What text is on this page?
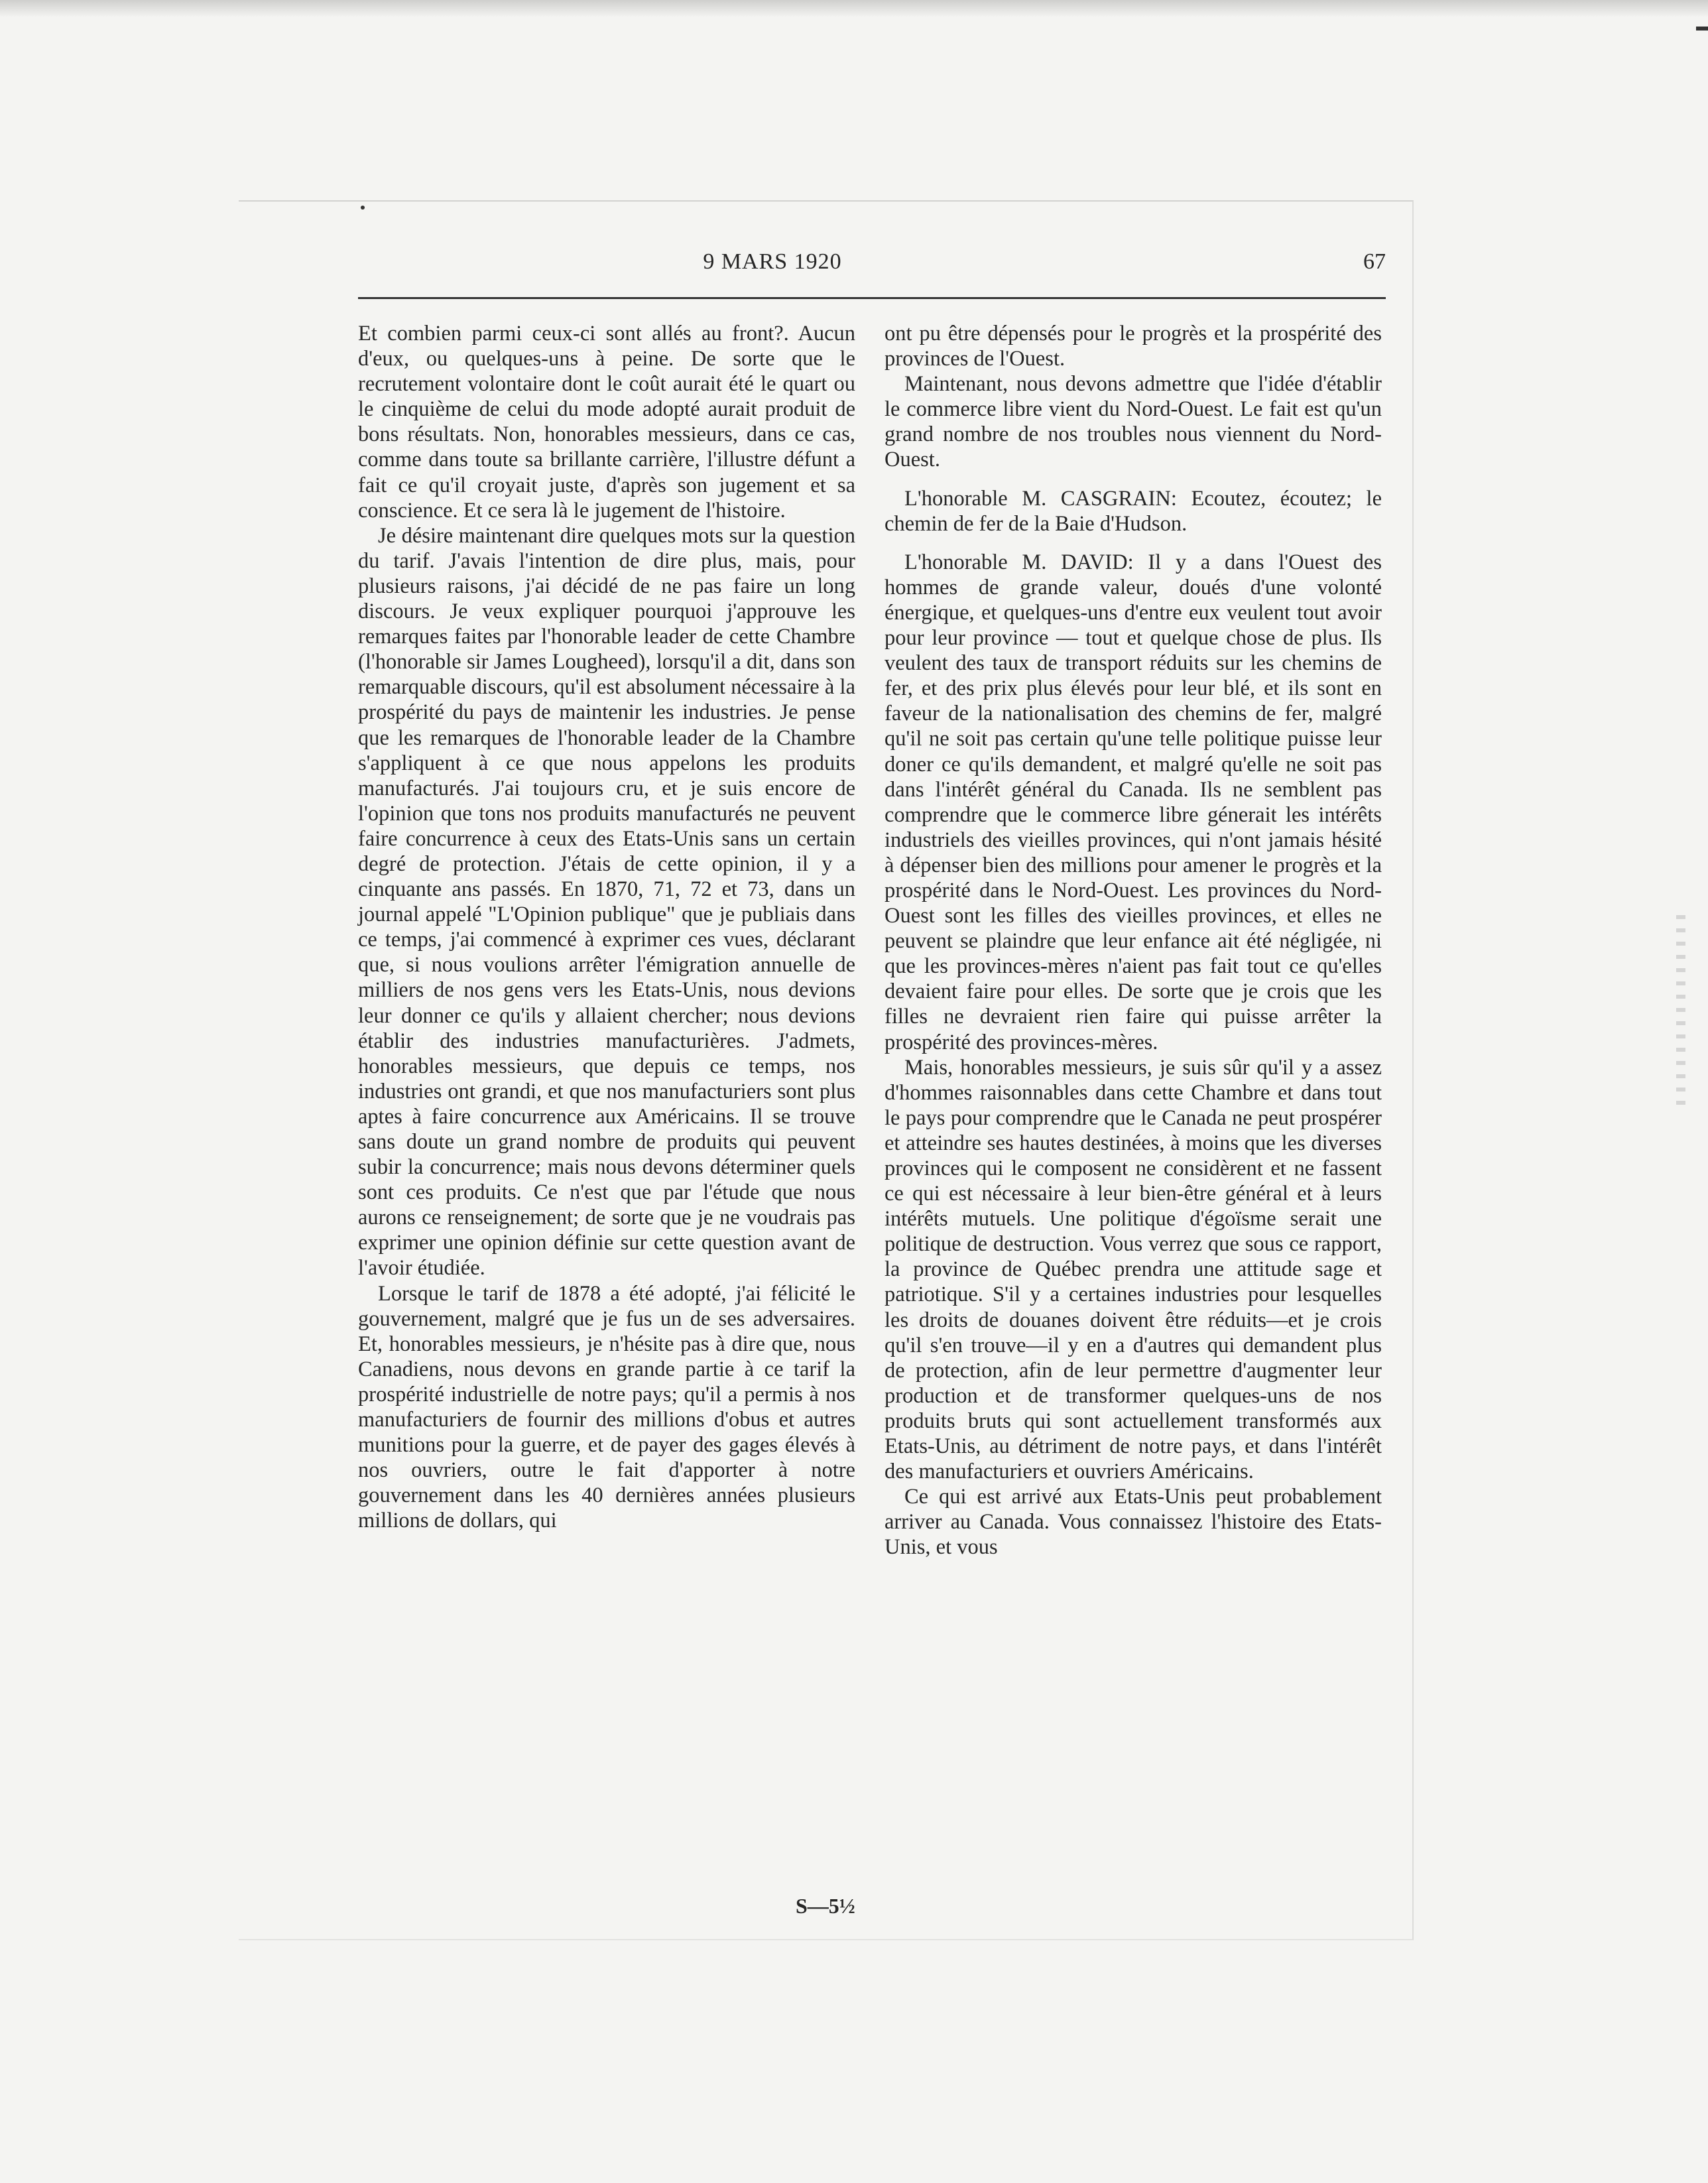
9 MARS 1920	67

Et combien parmi ceux-ci sont allés au front?. Aucun d'eux, ou quelques-uns à peine. De sorte que le recrutement volontaire dont le coût aurait été le quart ou le cinquième de celui du mode adopté aurait produit de bons résultats. Non, honorables messieurs, dans ce cas, comme dans toute sa brillante carrière, l'illustre défunt a fait ce qu'il croyait juste, d'après son jugement et sa conscience. Et ce sera là le jugement de l'histoire.

Je désire maintenant dire quelques mots sur la question du tarif. J'avais l'intention de dire plus, mais, pour plusieurs raisons, j'ai décidé de ne pas faire un long discours. Je veux expliquer pourquoi j'approuve les remarques faites par l'honorable leader de cette Chambre (l'honorable sir James Lougheed), lorsqu'il a dit, dans son remarquable discours, qu'il est absolument nécessaire à la prospérité du pays de maintenir les industries. Je pense que les remarques de l'honorable leader de la Chambre s'appliquent à ce que nous appelons les produits manufacturés. J'ai toujours cru, et je suis encore de l'opinion que tons nos produits manufacturés ne peuvent faire concurrence à ceux des Etats-Unis sans un certain degré de protection. J'étais de cette opinion, il y a cinquante ans passés. En 1870, 71, 72 et 73, dans un journal appelé "L'Opinion publique" que je publiais dans ce temps, j'ai commencé à exprimer ces vues, déclarant que, si nous voulions arrêter l'émigration annuelle de milliers de nos gens vers les Etats-Unis, nous devions leur donner ce qu'ils y allaient chercher; nous devions établir des industries manufacturières. J'admets, honorables messieurs, que depuis ce temps, nos industries ont grandi, et que nos manufacturiers sont plus aptes à faire concurrence aux Américains. Il se trouve sans doute un grand nombre de produits qui peuvent subir la concurrence; mais nous devons déterminer quels sont ces produits. Ce n'est que par l'étude que nous aurons ce renseignement; de sorte que je ne voudrais pas exprimer une opinion définie sur cette question avant de l'avoir étudiée.

Lorsque le tarif de 1878 a été adopté, j'ai félicité le gouvernement, malgré que je fus un de ses adversaires. Et, honorables messieurs, je n'hésite pas à dire que, nous Canadiens, nous devons en grande partie à ce tarif la prospérité industrielle de notre pays; qu'il a permis à nos manufacturiers de fournir des millions d'obus et autres munitions pour la guerre, et de payer des gages élevés à nos ouvriers, outre le fait d'apporter à notre gouvernement dans les 40 dernières années plusieurs millions de dollars, qui

ont pu être dépensés pour le progrès et la prospérité des provinces de l'Ouest.

Maintenant, nous devons admettre que l'idée d'établir le commerce libre vient du Nord-Ouest. Le fait est qu'un grand nombre de nos troubles nous viennent du Nord-Ouest.

L'honorable M. CASGRAIN: Ecoutez, écoutez; le chemin de fer de la Baie d'Hudson.

L'honorable M. DAVID: Il y a dans l'Ouest des hommes de grande valeur, doués d'une volonté énergique, et quelques-uns d'entre eux veulent tout avoir pour leur province — tout et quelque chose de plus. Ils veulent des taux de transport réduits sur les chemins de fer, et des prix plus élevés pour leur blé, et ils sont en faveur de la nationalisation des chemins de fer, malgré qu'il ne soit pas certain qu'une telle politique puisse leur doner ce qu'ils demandent, et malgré qu'elle ne soit pas dans l'intérêt général du Canada. Ils ne semblent pas comprendre que le commerce libre génerait les intérêts industriels des vieilles provinces, qui n'ont jamais hésité à dépenser bien des millions pour amener le progrès et la prospérité dans le Nord-Ouest. Les provinces du Nord-Ouest sont les filles des vieilles provinces, et elles ne peuvent se plaindre que leur enfance ait été négligée, ni que les provinces-mères n'aient pas fait tout ce qu'elles devaient faire pour elles. De sorte que je crois que les filles ne devraient rien faire qui puisse arrêter la prospérité des provinces-mères.

Mais, honorables messieurs, je suis sûr qu'il y a assez d'hommes raisonnables dans cette Chambre et dans tout le pays pour comprendre que le Canada ne peut prospérer et atteindre ses hautes destinées, à moins que les diverses provinces qui le composent ne considèrent et ne fassent ce qui est nécessaire à leur bien-être général et à leurs intérêts mutuels. Une politique d'égoïsme serait une politique de destruction. Vous verrez que sous ce rapport, la province de Québec prendra une attitude sage et patriotique. S'il y a certaines industries pour lesquelles les droits de douanes doivent être réduits—et je crois qu'il s'en trouve—il y en a d'autres qui demandent plus de protection, afin de leur permettre d'augmenter leur production et de transformer quelques-uns de nos produits bruts qui sont actuellement transformés aux Etats-Unis, au détriment de notre pays, et dans l'intérêt des manufacturiers et ouvriers Américains.

Ce qui est arrivé aux Etats-Unis peut probablement arriver au Canada. Vous connaissez l'histoire des Etats-Unis, et vous

S—5½
